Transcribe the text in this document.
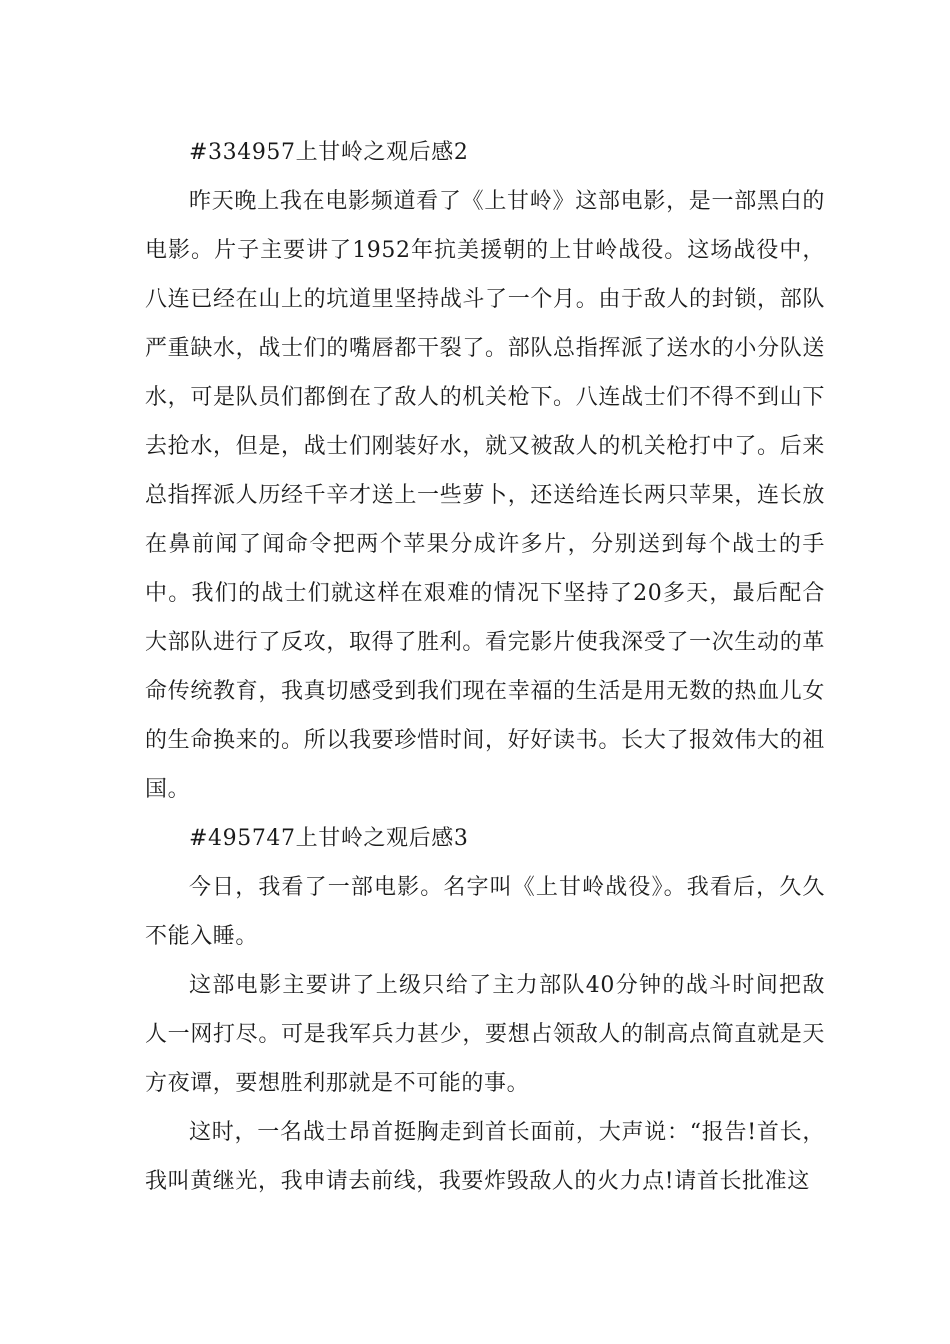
#334957上甘岭之观后感2

昨天晚上我在电影频道看了《上甘岭》这部电影，是一部黑白的电影。片子主要讲了1952年抗美援朝的上甘岭战役。这场战役中，八连已经在山上的坑道里坚持战斗了一个月。由于敌人的封锁，部队严重缺水，战士们的嘴唇都干裂了。部队总指挥派了送水的小分队送水，可是队员们都倒在了敌人的机关枪下。八连战士们不得不到山下去抢水，但是，战士们刚装好水，就又被敌人的机关枪打中了。后来总指挥派人历经千辛才送上一些萝卜，还送给连长两只苹果，连长放在鼻前闻了闻命令把两个苹果分成许多片，分别送到每个战士的手中。我们的战士们就这样在艰难的情况下坚持了20多天，最后配合大部队进行了反攻，取得了胜利。看完影片使我深受了一次生动的革命传统教育，我真切感受到我们现在幸福的生活是用无数的热血儿女的生命换来的。所以我要珍惜时间，好好读书。长大了报效伟大的祖国。

#495747上甘岭之观后感3

今日，我看了一部电影。名字叫《上甘岭战役》。我看后，久久不能入睡。

这部电影主要讲了上级只给了主力部队40分钟的战斗时间把敌人一网打尽。可是我军兵力甚少，要想占领敌人的制高点简直就是天方夜谭，要想胜利那就是不可能的事。

这时，一名战士昂首挺胸走到首长面前，大声说：“报告!首长，我叫黄继光，我申请去前线，我要炸毁敌人的火力点!请首长批准这
